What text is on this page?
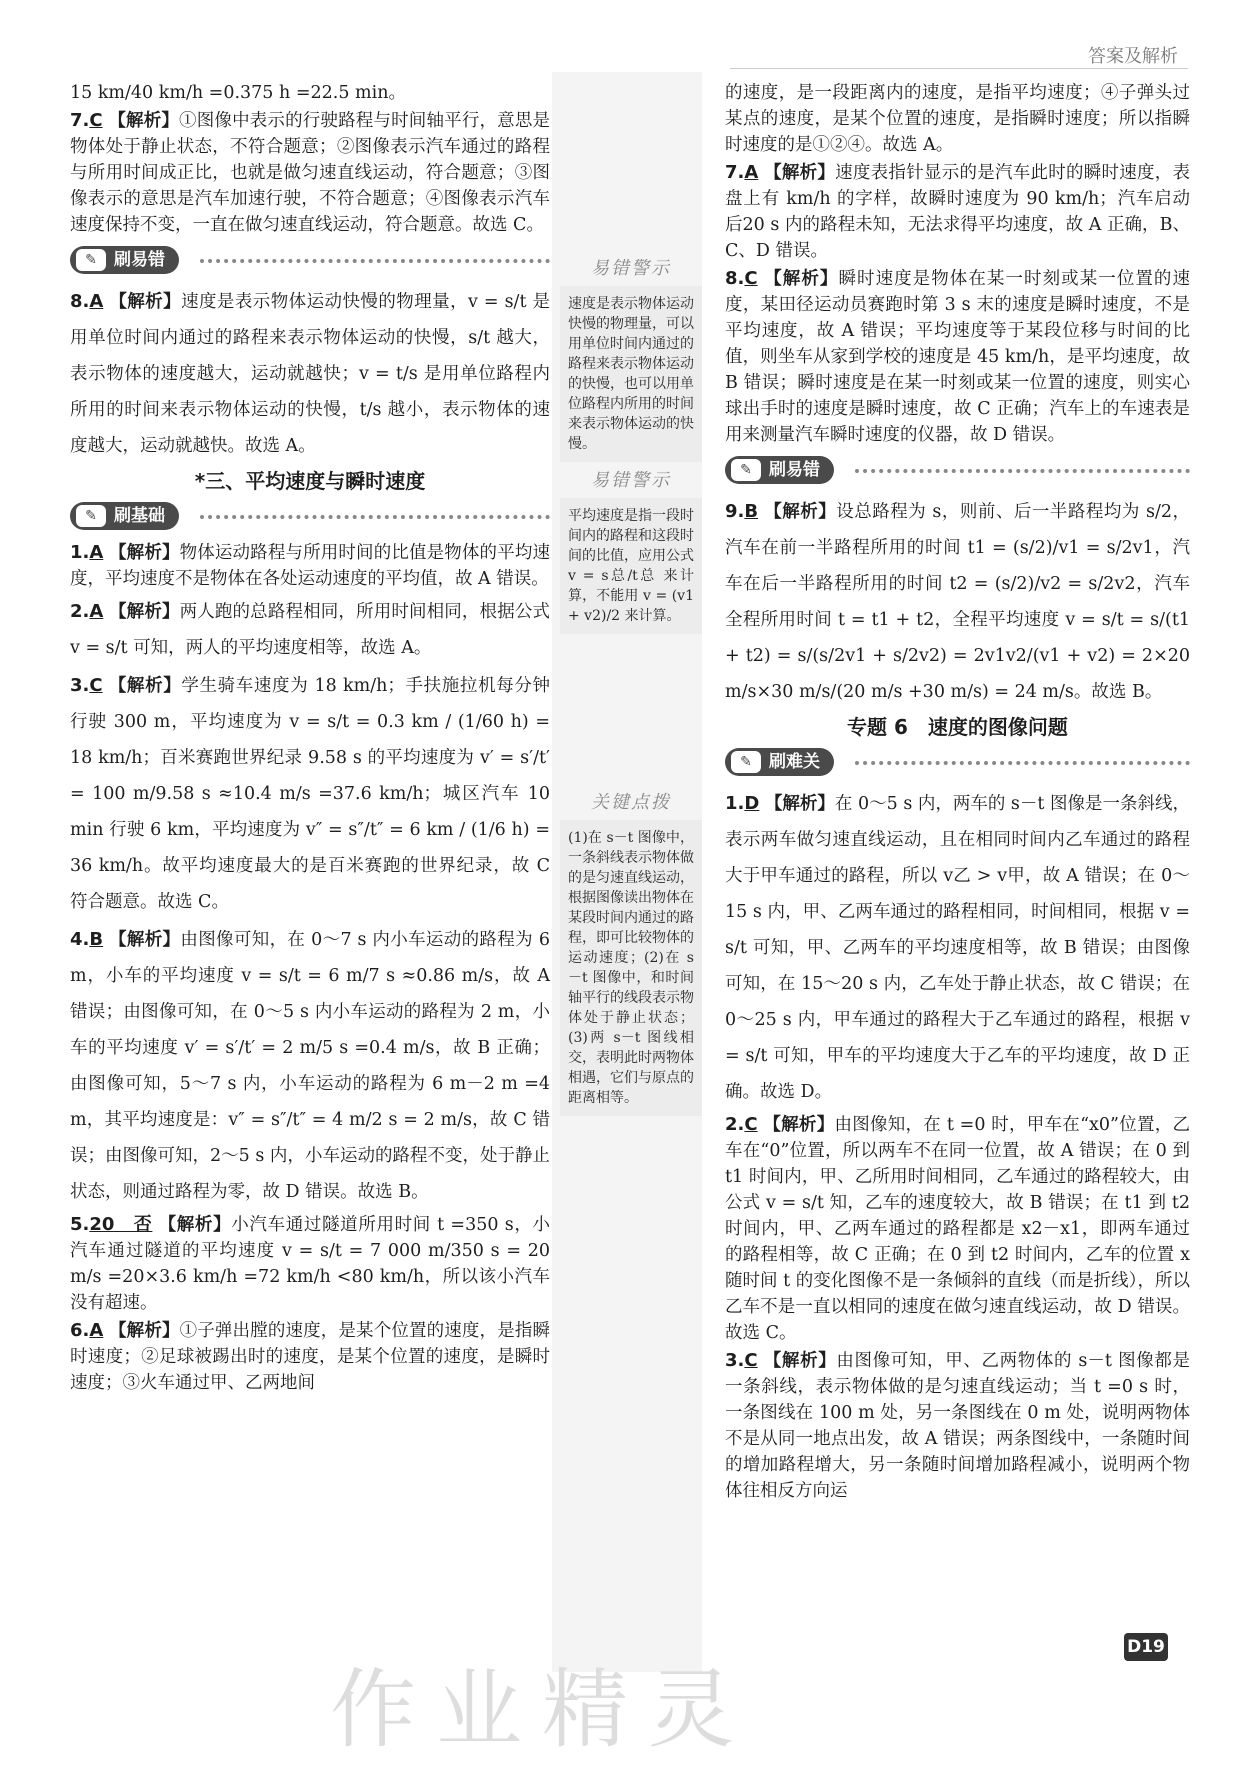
答案及解析

15 km/40 km/h =0.375 h =22.5 min。

7.C 【解析】①图像中表示的行驶路程与时间轴平行，意思是物体处于静止状态，不符合题意；②图像表示汽车通过的路程与所用时间成正比，也就是做匀速直线运动，符合题意；③图像表示的意思是汽车加速行驶，不符合题意；④图像表示汽车速度保持不变，一直在做匀速直线运动，符合题意。故选 C。

✎	刷易错

8.A 【解析】速度是表示物体运动快慢的物理量，v = s/t 是用单位时间内通过的路程来表示物体运动的快慢，s/t 越大，表示物体的速度越大，运动就越快；v = t/s 是用单位路程内所用的时间来表示物体运动的快慢，t/s 越小，表示物体的速度越大，运动就越快。故选 A。

*三、平均速度与瞬时速度
✎	刷基础

1.A 【解析】物体运动路程与所用时间的比值是物体的平均速度，平均速度不是物体在各处运动速度的平均值，故 A 错误。

2.A 【解析】两人跑的总路程相同，所用时间相同，根据公式 v = s/t 可知，两人的平均速度相等，故选 A。

3.C 【解析】学生骑车速度为 18 km/h；手扶施拉机每分钟行驶 300 m，平均速度为 v = s/t = 0.3 km / (1/60 h) = 18 km/h；百米赛跑世界纪录 9.58 s 的平均速度为 v′ = s′/t′ = 100 m/9.58 s ≈10.4 m/s =37.6 km/h；城区汽车 10 min 行驶 6 km，平均速度为 v″ = s″/t″ = 6 km / (1/6 h) = 36 km/h。故平均速度最大的是百米赛跑的世界纪录，故 C 符合题意。故选 C。

4.B 【解析】由图像可知，在 0～7 s 内小车运动的路程为 6 m，小车的平均速度 v = s/t = 6 m/7 s ≈0.86 m/s，故 A 错误；由图像可知，在 0～5 s 内小车运动的路程为 2 m，小车的平均速度 v′ = s′/t′ = 2 m/5 s =0.4 m/s，故 B 正确；由图像可知，5～7 s 内，小车运动的路程为 6 m－2 m =4 m，其平均速度是：v″ = s″/t″ = 4 m/2 s = 2 m/s，故 C 错误；由图像可知，2～5 s 内，小车运动的路程不变，处于静止状态，则通过路程为零，故 D 错误。故选 B。

5.20　否 【解析】小汽车通过隧道所用时间 t =350 s，小汽车通过隧道的平均速度 v = s/t = 7 000 m/350 s = 20 m/s =20×3.6 km/h =72 km/h <80 km/h，所以该小汽车没有超速。

6.A 【解析】①子弹出膛的速度，是某个位置的速度，是指瞬时速度；②足球被踢出时的速度，是某个位置的速度，是瞬时速度；③火车通过甲、乙两地间

易错警示
速度是表示物体运动快慢的物理量，可以用单位时间内通过的路程来表示物体运动的快慢，也可以用单位路程内所用的时间来表示物体运动的快慢。
易错警示
平均速度是指一段时间内的路程和这段时间的比值，应用公式 v = s总/t总 来计算，不能用 v = (v1 + v2)/2 来计算。
关键点拨
(1)在 s－t 图像中，一条斜线表示物体做的是匀速直线运动，根据图像读出物体在某段时间内通过的路程，即可比较物体的运动速度；(2)在 s－t 图像中，和时间轴平行的线段表示物体处于静止状态；(3)两 s－t 图线相交，表明此时两物体相遇，它们与原点的距离相等。

的速度，是一段距离内的速度，是指平均速度；④子弹头过某点的速度，是某个位置的速度，是指瞬时速度；所以指瞬时速度的是①②④。故选 A。

7.A 【解析】速度表指针显示的是汽车此时的瞬时速度，表盘上有 km/h 的字样，故瞬时速度为 90 km/h；汽车启动后20 s 内的路程未知，无法求得平均速度，故 A 正确，B、C、D 错误。

8.C 【解析】瞬时速度是物体在某一时刻或某一位置的速度，某田径运动员赛跑时第 3 s 末的速度是瞬时速度，不是平均速度，故 A 错误；平均速度等于某段位移与时间的比值，则坐车从家到学校的速度是 45 km/h，是平均速度，故 B 错误；瞬时速度是在某一时刻或某一位置的速度，则实心球出手时的速度是瞬时速度，故 C 正确；汽车上的车速表是用来测量汽车瞬时速度的仪器，故 D 错误。

✎	刷易错

9.B 【解析】设总路程为 s，则前、后一半路程均为 s/2，汽车在前一半路程所用的时间 t1 = (s/2)/v1 = s/2v1，汽车在后一半路程所用的时间 t2 = (s/2)/v2 = s/2v2，汽车全程所用时间 t = t1 + t2，全程平均速度 v = s/t = s/(t1 + t2) = s/(s/2v1 + s/2v2) = 2v1v2/(v1 + v2) = 2×20 m/s×30 m/s/(20 m/s +30 m/s) = 24 m/s。故选 B。

专题 6　速度的图像问题
✎	刷难关

1.D 【解析】在 0～5 s 内，两车的 s－t 图像是一条斜线，表示两车做匀速直线运动，且在相同时间内乙车通过的路程大于甲车通过的路程，所以 v乙 > v甲，故 A 错误；在 0～15 s 内，甲、乙两车通过的路程相同，时间相同，根据 v = s/t 可知，甲、乙两车的平均速度相等，故 B 错误；由图像可知，在 15～20 s 内，乙车处于静止状态，故 C 错误；在 0～25 s 内，甲车通过的路程大于乙车通过的路程，根据 v = s/t 可知，甲车的平均速度大于乙车的平均速度，故 D 正确。故选 D。

2.C 【解析】由图像知，在 t =0 时，甲车在“x0”位置，乙车在“0”位置，所以两车不在同一位置，故 A 错误；在 0 到 t1 时间内，甲、乙所用时间相同，乙车通过的路程较大，由公式 v = s/t 知，乙车的速度较大，故 B 错误；在 t1 到 t2 时间内，甲、乙两车通过的路程都是 x2－x1，即两车通过的路程相等，故 C 正确；在 0 到 t2 时间内，乙车的位置 x 随时间 t 的变化图像不是一条倾斜的直线（而是折线），所以乙车不是一直以相同的速度在做匀速直线运动，故 D 错误。故选 C。

3.C 【解析】由图像可知，甲、乙两物体的 s－t 图像都是一条斜线，表示物体做的是匀速直线运动；当 t =0 s 时，一条图线在 100 m 处，另一条图线在 0 m 处，说明两物体不是从同一地点出发，故 A 错误；两条图线中，一条随时间的增加路程增大，另一条随时间增加路程减小，说明两个物体往相反方向运

D19
作业精灵
